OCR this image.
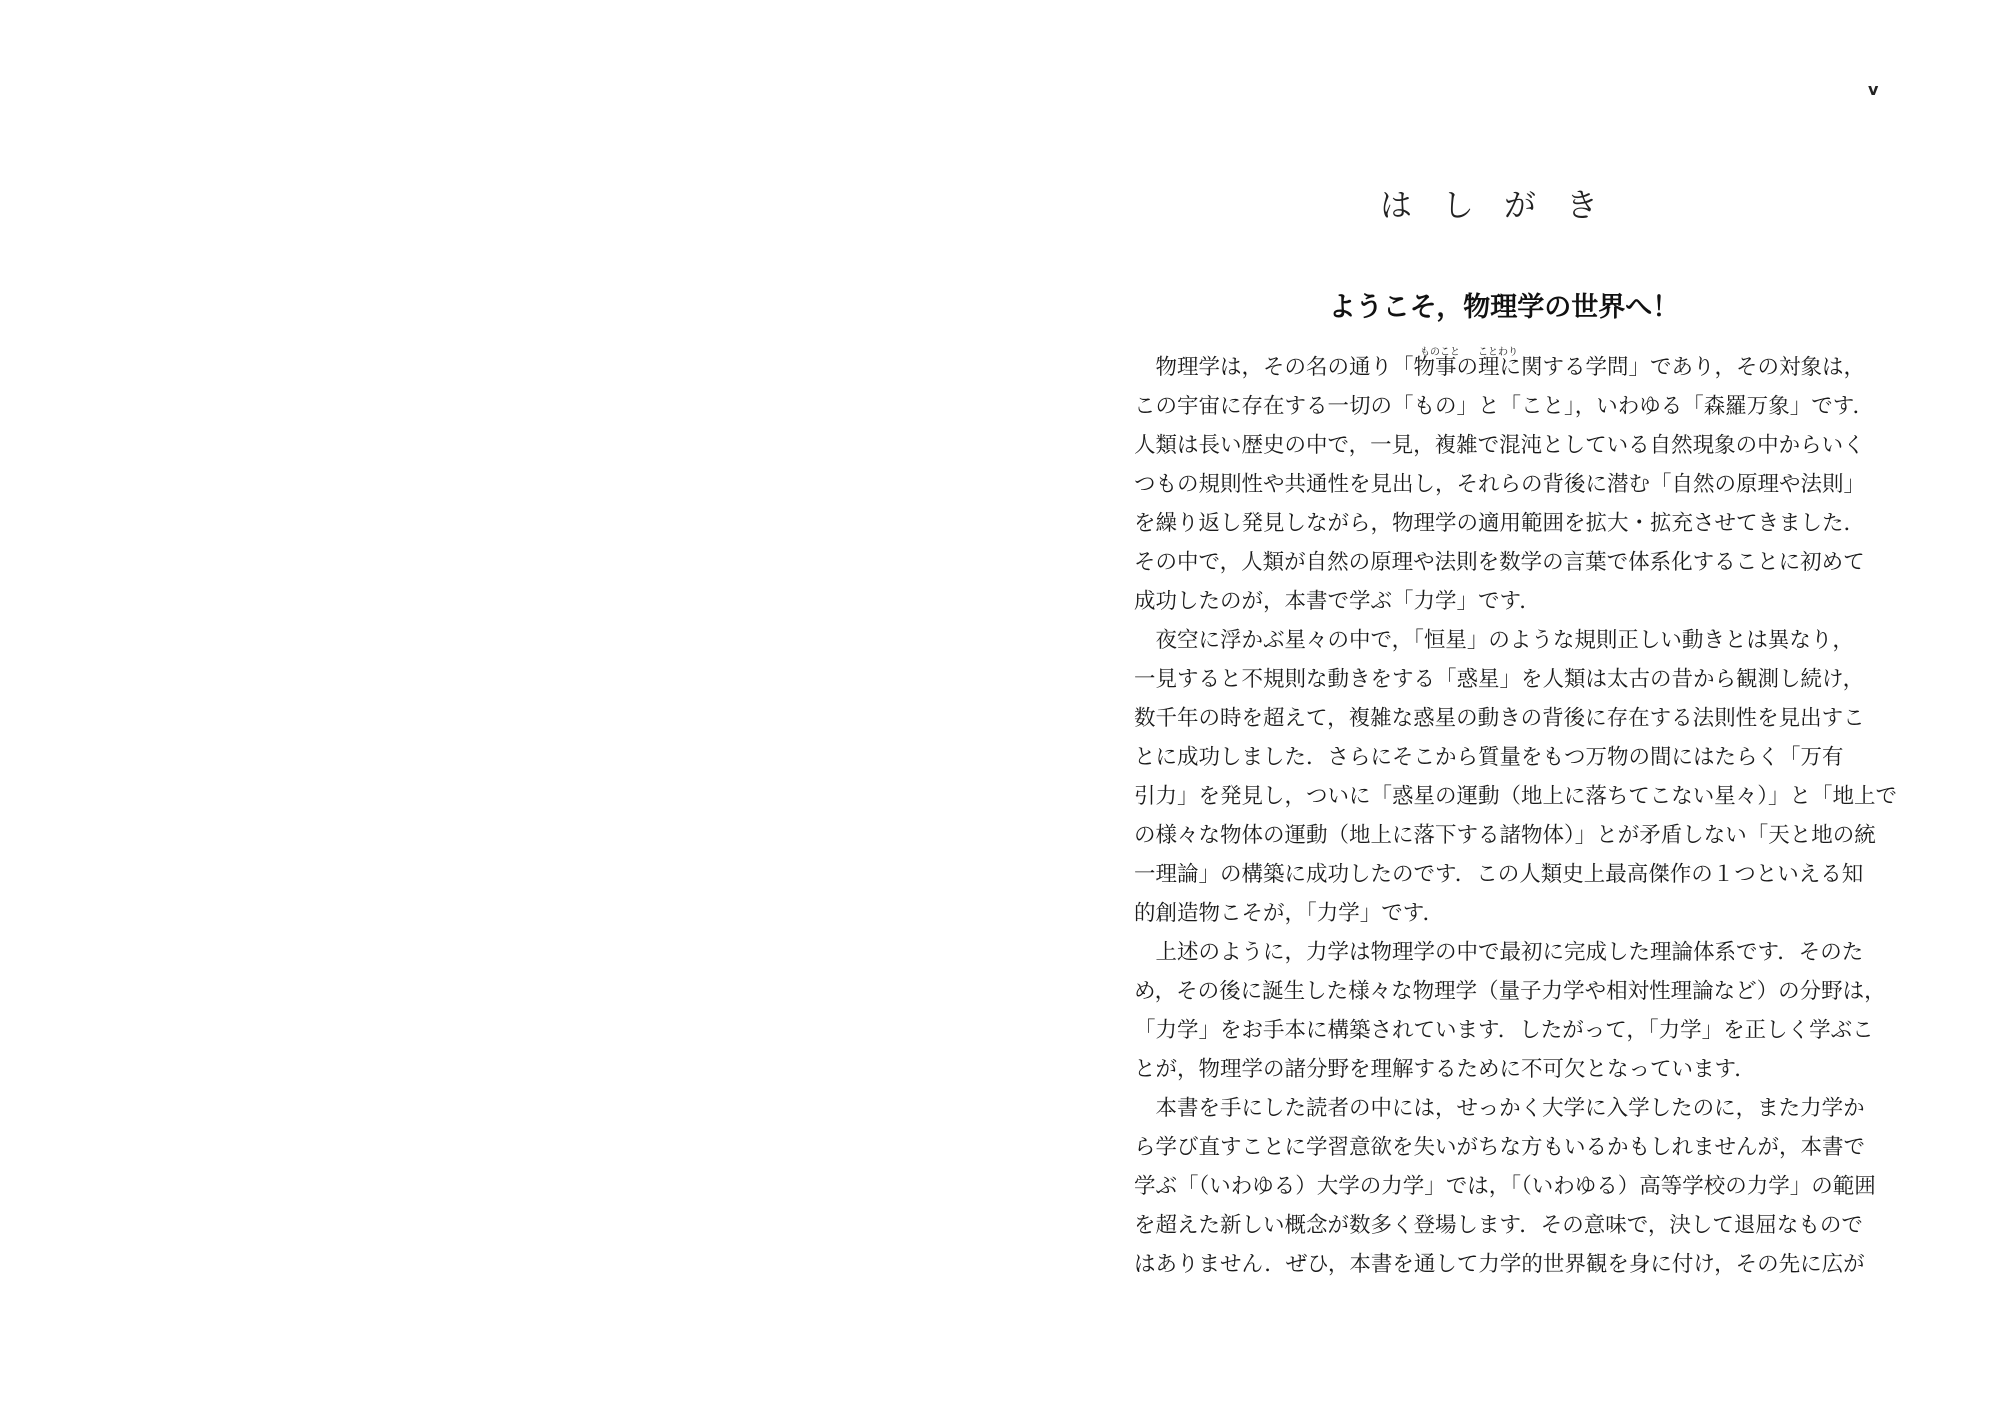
v
はしがき
ようこそ，物理学の世界へ！
ものこと ことわり
　物理学は，その名の通り「物事の理に関する学問」であり，その対象は，
この宇宙に存在する一切の「もの」と「こと」，いわゆる「森羅万象」です．
人類は長い歴史の中で，一見，複雑で混沌としている自然現象の中からいく
つもの規則性や共通性を見出し，それらの背後に潜む「自然の原理や法則」
を繰り返し発見しながら，物理学の適用範囲を拡大・拡充させてきました．
その中で，人類が自然の原理や法則を数学の言葉で体系化することに初めて
成功したのが，本書で学ぶ「力学」です．
　夜空に浮かぶ星々の中で，「恒星」のような規則正しい動きとは異なり，
一見すると不規則な動きをする「惑星」を人類は太古の昔から観測し続け，
数千年の時を超えて，複雑な惑星の動きの背後に存在する法則性を見出すこ
とに成功しました．さらにそこから質量をもつ万物の間にはたらく「万有
引力」を発見し，ついに「惑星の運動（地上に落ちてこない星々）」と「地上で
の様々な物体の運動（地上に落下する諸物体）」とが矛盾しない「天と地の統
一理論」の構築に成功したのです．この人類史上最高傑作の１つといえる知
的創造物こそが，「力学」です．
　上述のように，力学は物理学の中で最初に完成した理論体系です．そのた
め，その後に誕生した様々な物理学（量子力学や相対性理論など）の分野は，
「力学」をお手本に構築されています．したがって，「力学」を正しく学ぶこ
とが，物理学の諸分野を理解するために不可欠となっています．
　本書を手にした読者の中には，せっかく大学に入学したのに，また力学か
ら学び直すことに学習意欲を失いがちな方もいるかもしれませんが，本書で
学ぶ「（いわゆる）大学の力学」では，「（いわゆる）高等学校の力学」の範囲
を超えた新しい概念が数多く登場します．その意味で，決して退屈なもので
はありません．ぜひ，本書を通して力学的世界観を身に付け，その先に広が
